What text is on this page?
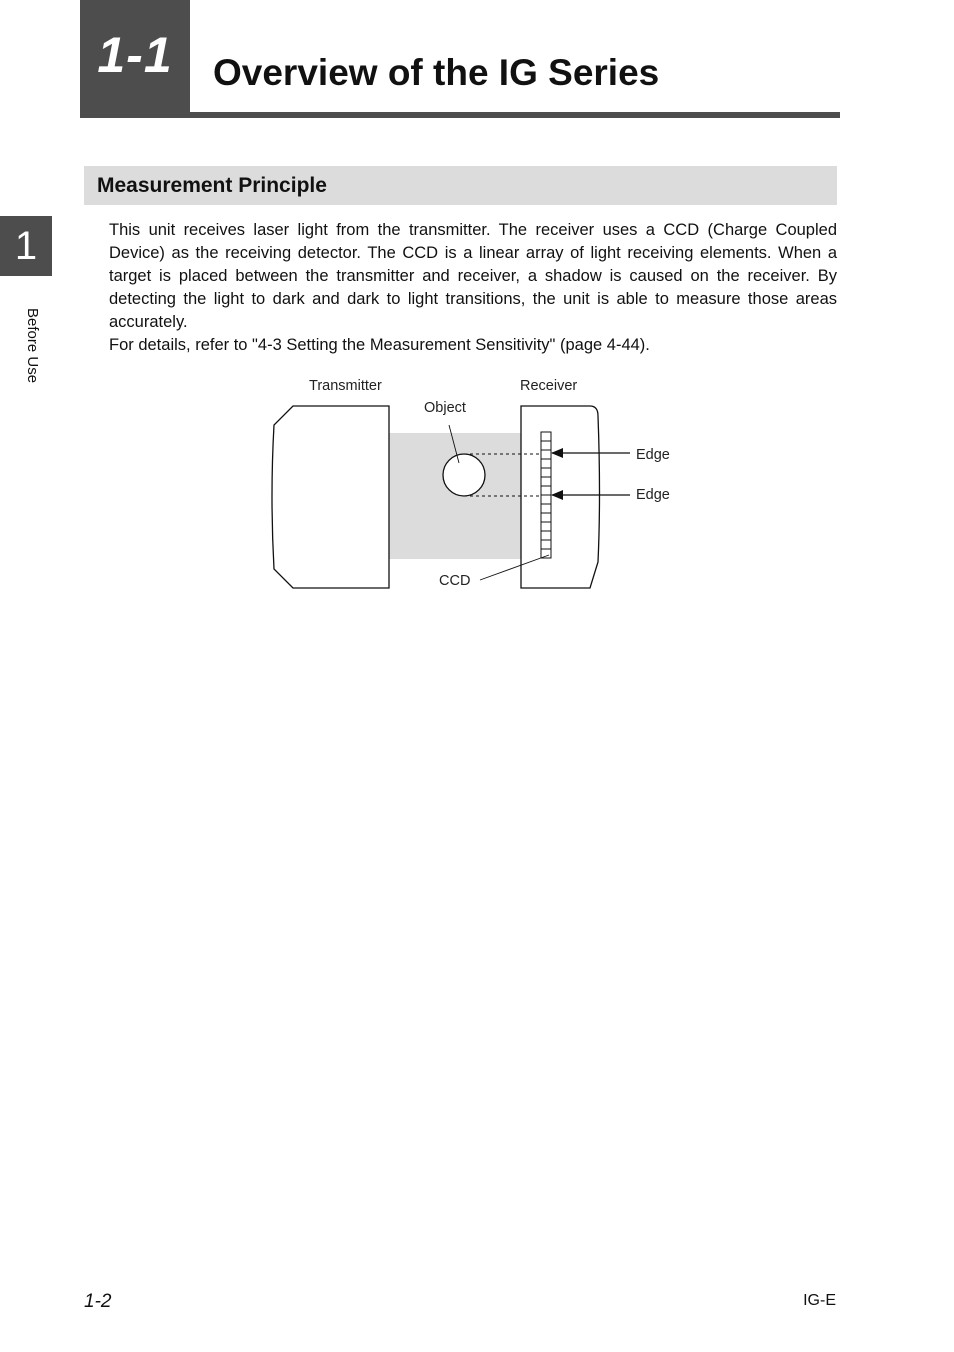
1-1 Overview of the IG Series
1
Before Use
Measurement Principle

This unit receives laser light from the transmitter. The receiver uses a CCD (Charge Coupled Device) as the receiving detector. The CCD is a linear array of light receiving elements. When a target is placed between the transmitter and receiver, a shadow is caused on the receiver. By detecting the light to dark and dark to light transitions, the unit is able to measure those areas accurately.

For details, refer to "4-3 Setting the Measurement Sensitivity" (page 4-44).

Transmitter	Receiver
Object
Edge
Edge
CCD
1-2	IG-E
